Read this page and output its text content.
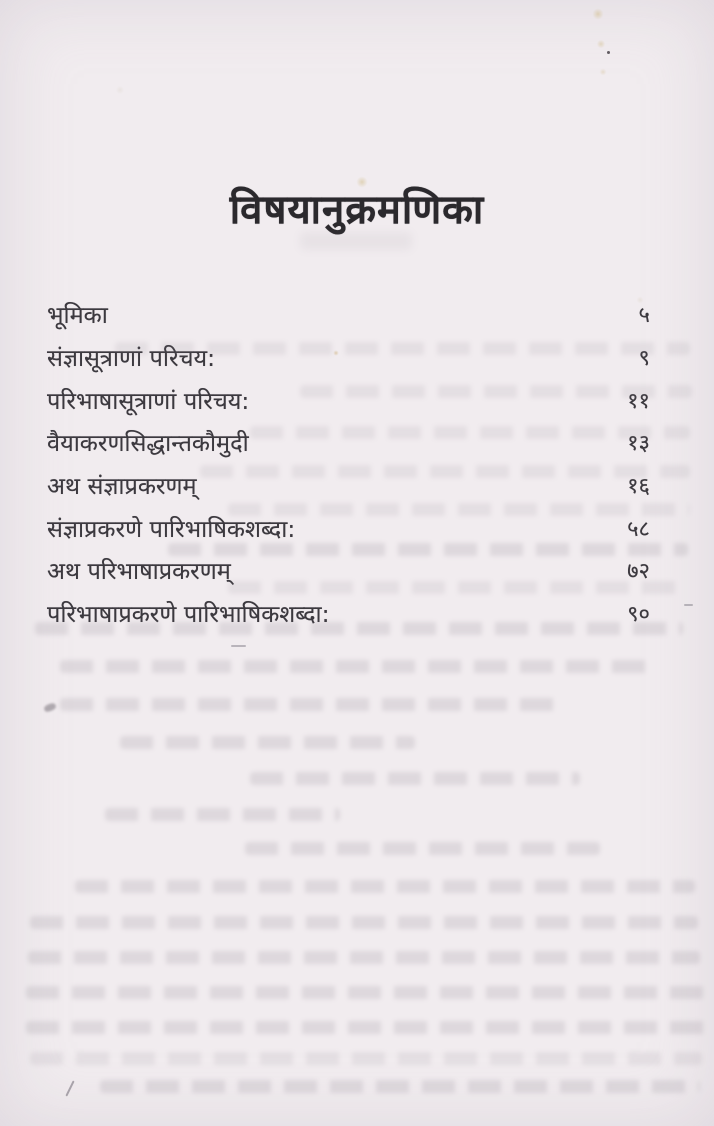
विषयानुक्रमणिका
भूमिका	५
संज्ञासूत्राणां परिचय:	९
परिभाषासूत्राणां परिचय:	११
वैयाकरणसिद्धान्तकौमुदी	१३
अथ संज्ञाप्रकरणम्	१६
संज्ञाप्रकरणे पारिभाषिकशब्दा:	५८
अथ परिभाषाप्रकरणम्	७२
परिभाषाप्रकरणे पारिभाषिकशब्दा:	९०
